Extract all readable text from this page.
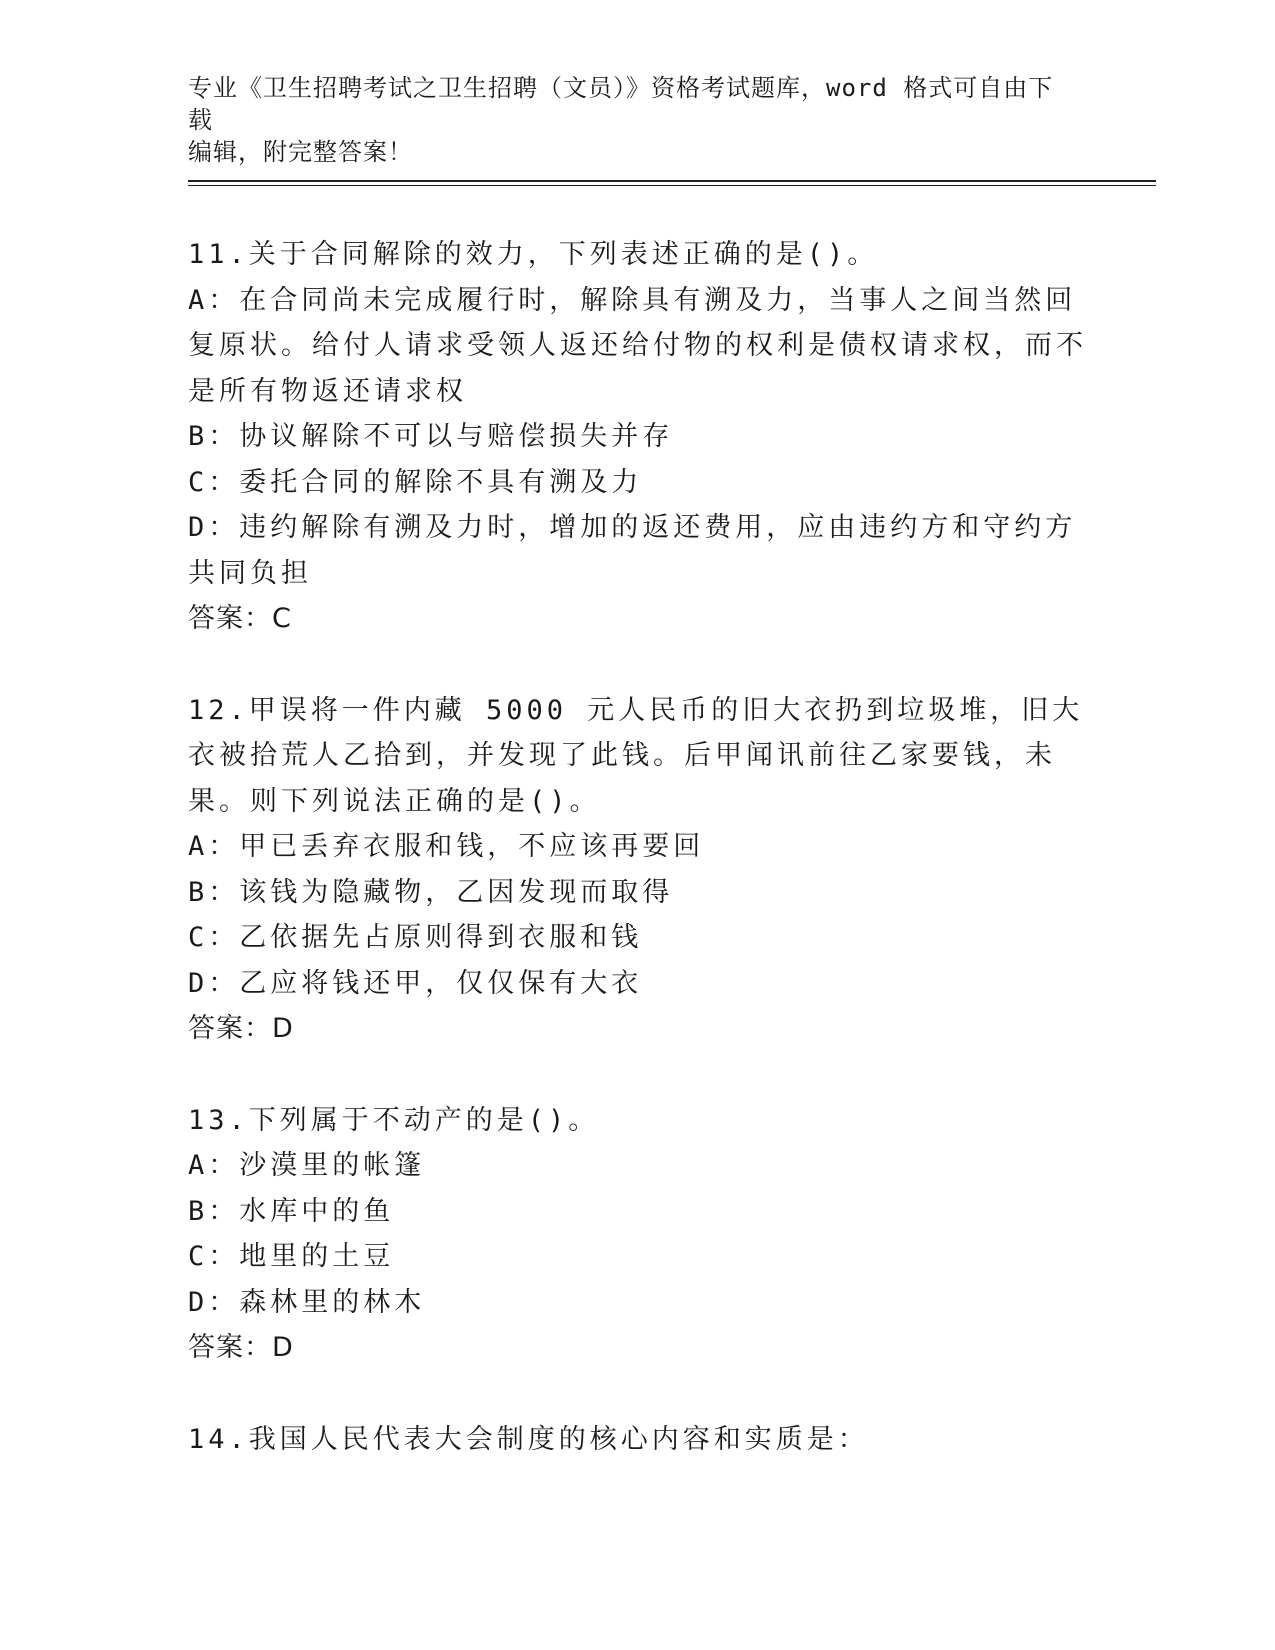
专业《卫生招聘考试之卫生招聘（文员）》资格考试题库，word 格式可自由下载
编辑，附完整答案！

11.关于合同解除的效力，下列表述正确的是()。

A：在合同尚未完成履行时，解除具有溯及力，当事人之间当然回复原状。给付人请求受领人返还给付物的权利是债权请求权，而不是所有物返还请求权

B：协议解除不可以与赔偿损失并存

C：委托合同的解除不具有溯及力

D：违约解除有溯及力时，增加的返还费用，应由违约方和守约方共同负担

答案：C

12.甲误将一件内藏 5000 元人民币的旧大衣扔到垃圾堆，旧大衣被拾荒人乙拾到，并发现了此钱。后甲闻讯前往乙家要钱，未果。则下列说法正确的是()。

A：甲已丢弃衣服和钱，不应该再要回

B：该钱为隐藏物，乙因发现而取得

C：乙依据先占原则得到衣服和钱

D：乙应将钱还甲，仅仅保有大衣

答案：D

13.下列属于不动产的是()。

A：沙漠里的帐篷

B：水库中的鱼

C：地里的土豆

D：森林里的林木

答案：D

14.我国人民代表大会制度的核心内容和实质是：
